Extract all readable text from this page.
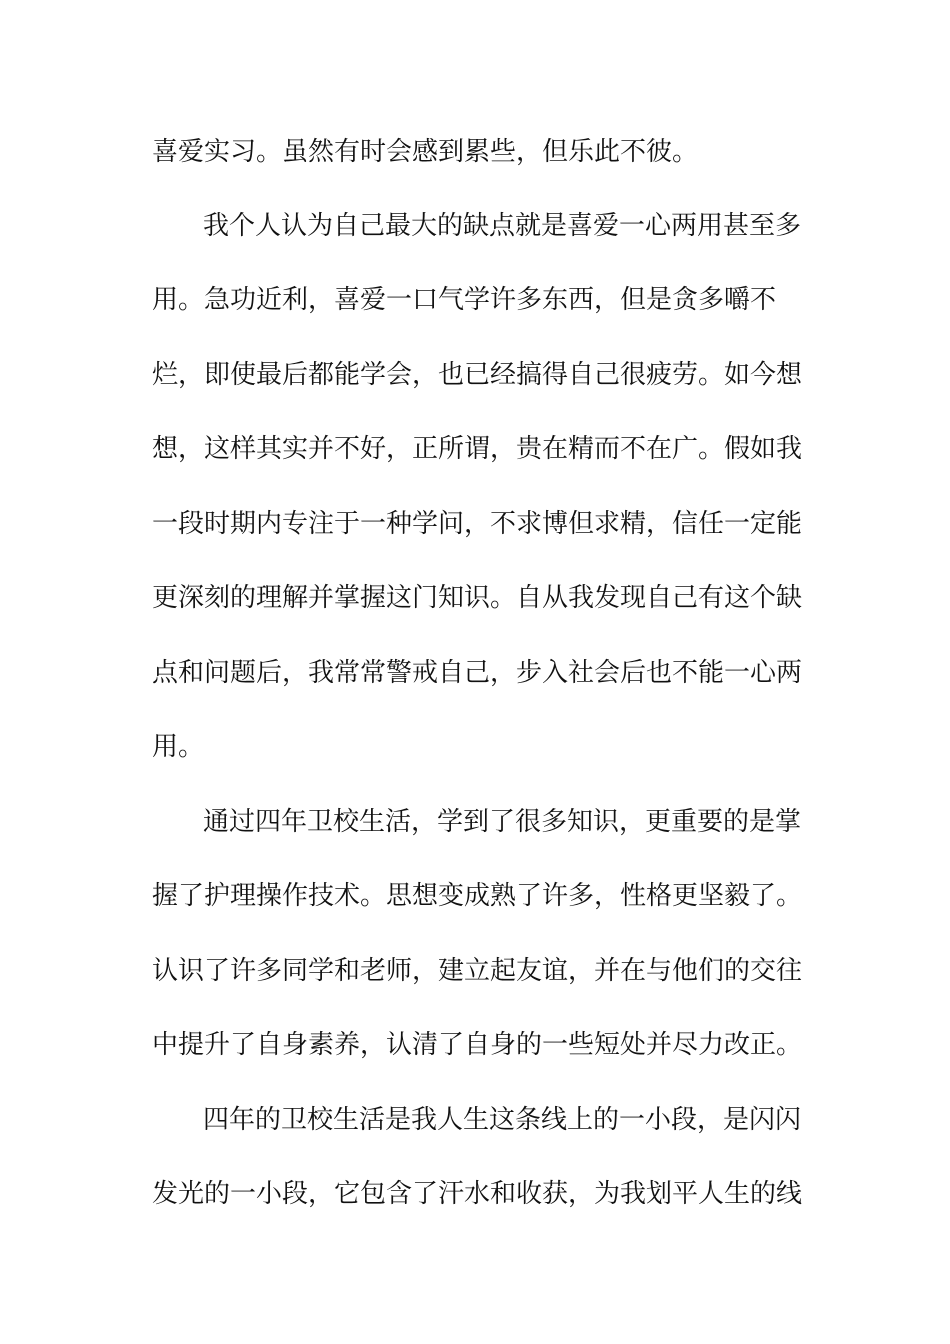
喜爱实习。虽然有时会感到累些，但乐此不彼。
我个人认为自己最大的缺点就是喜爱一心两用甚至多
用。急功近利，喜爱一口气学许多东西，但是贪多嚼不
烂，即使最后都能学会，也已经搞得自己很疲劳。如今想
想，这样其实并不好，正所谓，贵在精而不在广。假如我
一段时期内专注于一种学问，不求博但求精，信任一定能
更深刻的理解并掌握这门知识。自从我发现自己有这个缺
点和问题后，我常常警戒自己，步入社会后也不能一心两
用。
通过四年卫校生活，学到了很多知识，更重要的是掌
握了护理操作技术。思想变成熟了许多，性格更坚毅了。
认识了许多同学和老师，建立起友谊，并在与他们的交往
中提升了自身素养，认清了自身的一些短处并尽力改正。
四年的卫校生活是我人生这条线上的一小段，是闪闪
发光的一小段，它包含了汗水和收获，为我划平人生的线
